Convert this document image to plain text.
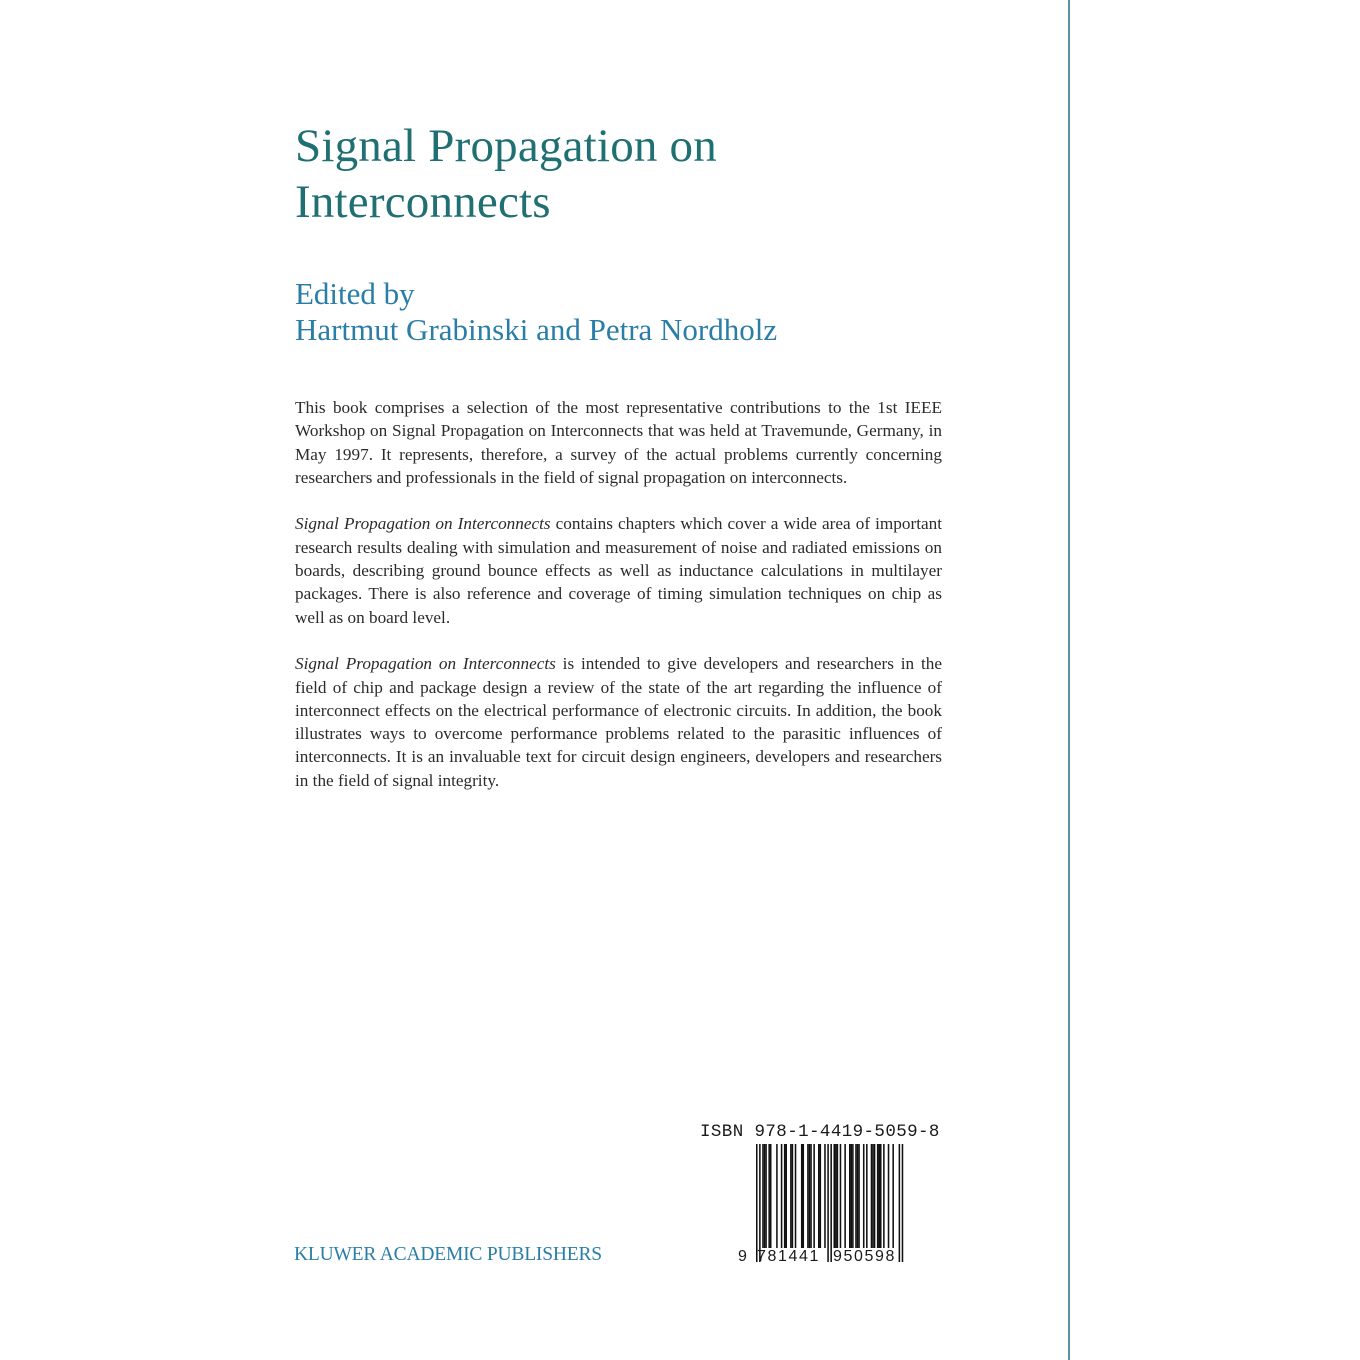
Signal Propagation on
Interconnects
Edited by
Hartmut Grabinski and Petra Nordholz

This book comprises a selection of the most representative contributions to the 1st IEEE Workshop on Signal Propagation on Interconnects that was held at Travemunde, Germany, in May 1997. It represents, therefore, a survey of the actual problems currently concerning researchers and professionals in the field of signal propagation on interconnects.

Signal Propagation on Interconnects contains chapters which cover a wide area of important research results dealing with simulation and measurement of noise and radiated emissions on boards, describing ground bounce effects as well as inductance calculations in multilayer packages. There is also reference and coverage of timing simulation techniques on chip as well as on board level.

Signal Propagation on Interconnects is intended to give developers and researchers in the field of chip and package design a review of the state of the art regarding the influence of interconnect effects on the electrical performance of electronic circuits. In addition, the book illustrates ways to overcome performance problems related to the parasitic influences of interconnects. It is an invaluable text for circuit design engineers, developers and researchers in the field of signal integrity.

ISBN 978-1-4419-5059-8
9 781441 950598
KLUWER ACADEMIC PUBLISHERS
